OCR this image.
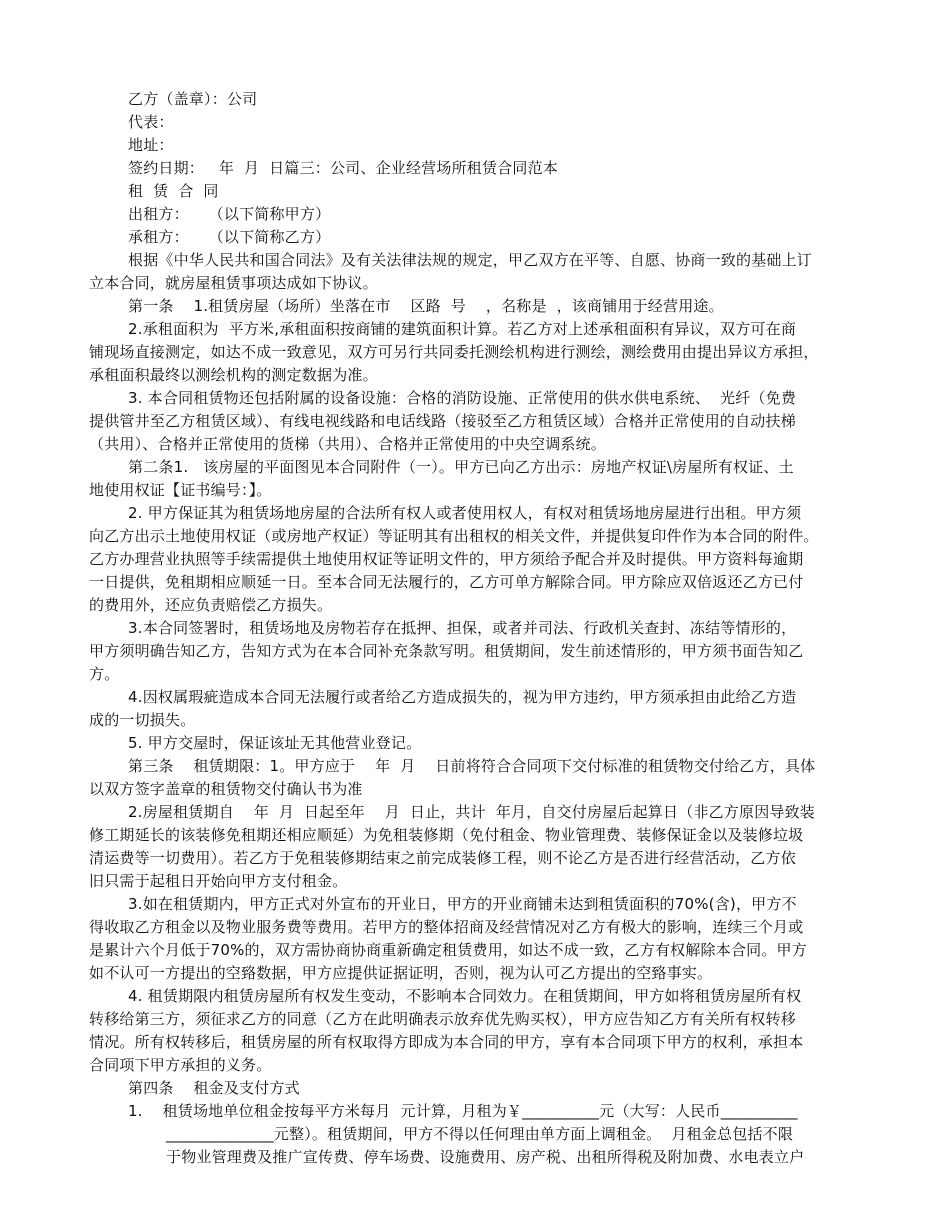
乙方（盖章）：公司
代表：
地址：
签约日期：   年  月  日篇三：公司、企业经营场所租赁合同范本
租  赁  合  同
出租方：    （以下简称甲方）
承租方：    （以下简称乙方）
根据《中华人民共和国合同法》及有关法律法规的规定，甲乙双方在平等、自愿、协商一致的基础上订
立本合同，就房屋租赁事项达成如下协议。
第一条    1.租赁房屋（场所）坐落在市    区路  号    ，名称是  ，该商铺用于经营用途。
2.承租面积为  平方米,承租面积按商铺的建筑面积计算。若乙方对上述承租面积有异议，双方可在商
铺现场直接测定，如达不成一致意见，双方可另行共同委托测绘机构进行测绘，测绘费用由提出异议方承担，
承租面积最终以测绘机构的测定数据为准。
3. 本合同租赁物还包括附属的设备设施：合格的消防设施、正常使用的供水供电系统、  光纤（免费
提供管井至乙方租赁区域）、有线电视线路和电话线路（接驳至乙方租赁区域）合格并正常使用的自动扶梯
（共用）、合格并正常使用的货梯（共用）、合格并正常使用的中央空调系统。
第二条1.   该房屋的平面图见本合同附件（一）。甲方已向乙方出示：房地产权证\房屋所有权证、土
地使用权证【证书编号：】。
2. 甲方保证其为租赁场地房屋的合法所有权人或者使用权人，有权对租赁场地房屋进行出租。甲方须
向乙方出示土地使用权证（或房地产权证）等证明其有出租权的相关文件，并提供复印件作为本合同的附件。
乙方办理营业执照等手续需提供土地使用权证等证明文件的，甲方须给予配合并及时提供。甲方资料每逾期
一日提供，免租期相应顺延一日。至本合同无法履行的，乙方可单方解除合同。甲方除应双倍返还乙方已付
的费用外，还应负责赔偿乙方损失。
3.本合同签署时，租赁场地及房物若存在抵押、担保，或者并司法、行政机关查封、冻结等情形的，
甲方须明确告知乙方，告知方式为在本合同补充条款写明。租赁期间，发生前述情形的，甲方须书面告知乙
方。
4.因权属瑕疵造成本合同无法履行或者给乙方造成损失的，视为甲方违约，甲方须承担由此给乙方造
成的一切损失。
5. 甲方交屋时，保证该址无其他营业登记。
第三条    租赁期限：1。甲方应于    年  月    日前将符合合同项下交付标准的租赁物交付给乙方，具体
以双方签字盖章的租赁物交付确认书为准
2.房屋租赁期自    年  月  日起至年    月  日止，共计  年月，自交付房屋后起算日（非乙方原因导致装
修工期延长的该装修免租期还相应顺延）为免租装修期（免付租金、物业管理费、装修保证金以及装修垃圾
清运费等一切费用）。若乙方于免租装修期结束之前完成装修工程，则不论乙方是否进行经营活动，乙方依
旧只需于起租日开始向甲方支付租金。
3.如在租赁期内，甲方正式对外宣布的开业日，甲方的开业商铺未达到租赁面积的70%(含)，甲方不
得收取乙方租金以及物业服务费等费用。若甲方的整体招商及经营情况对乙方有极大的影响，连续三个月或
是累计六个月低于70%的，双方需协商协商重新确定租赁费用，如达不成一致，乙方有权解除本合同。甲方
如不认可一方提出的空臵数据，甲方应提供证据证明，否则，视为认可乙方提出的空臵事实。
4. 租赁期限内租赁房屋所有权发生变动，不影响本合同效力。在租赁期间，甲方如将租赁房屋所有权
转移给第三方，须征求乙方的同意（乙方在此明确表示放弃优先购买权），甲方应告知乙方有关所有权转移
情况。所有权转移后，租赁房屋的所有权取得方即成为本合同的甲方，享有本合同项下甲方的权利，承担本
合同项下甲方承担的义务。
第四条    租金及支付方式
1.    租赁场地单位租金按每平方米每月  元计算，月租为￥__________元（大写：人民币__________
______________元整）。租赁期间，甲方不得以任何理由单方面上调租金。  月租金总包括不限
于物业管理费及推广宣传费、停车场费、设施费用、房产税、出租所得税及附加费、水电表立户
